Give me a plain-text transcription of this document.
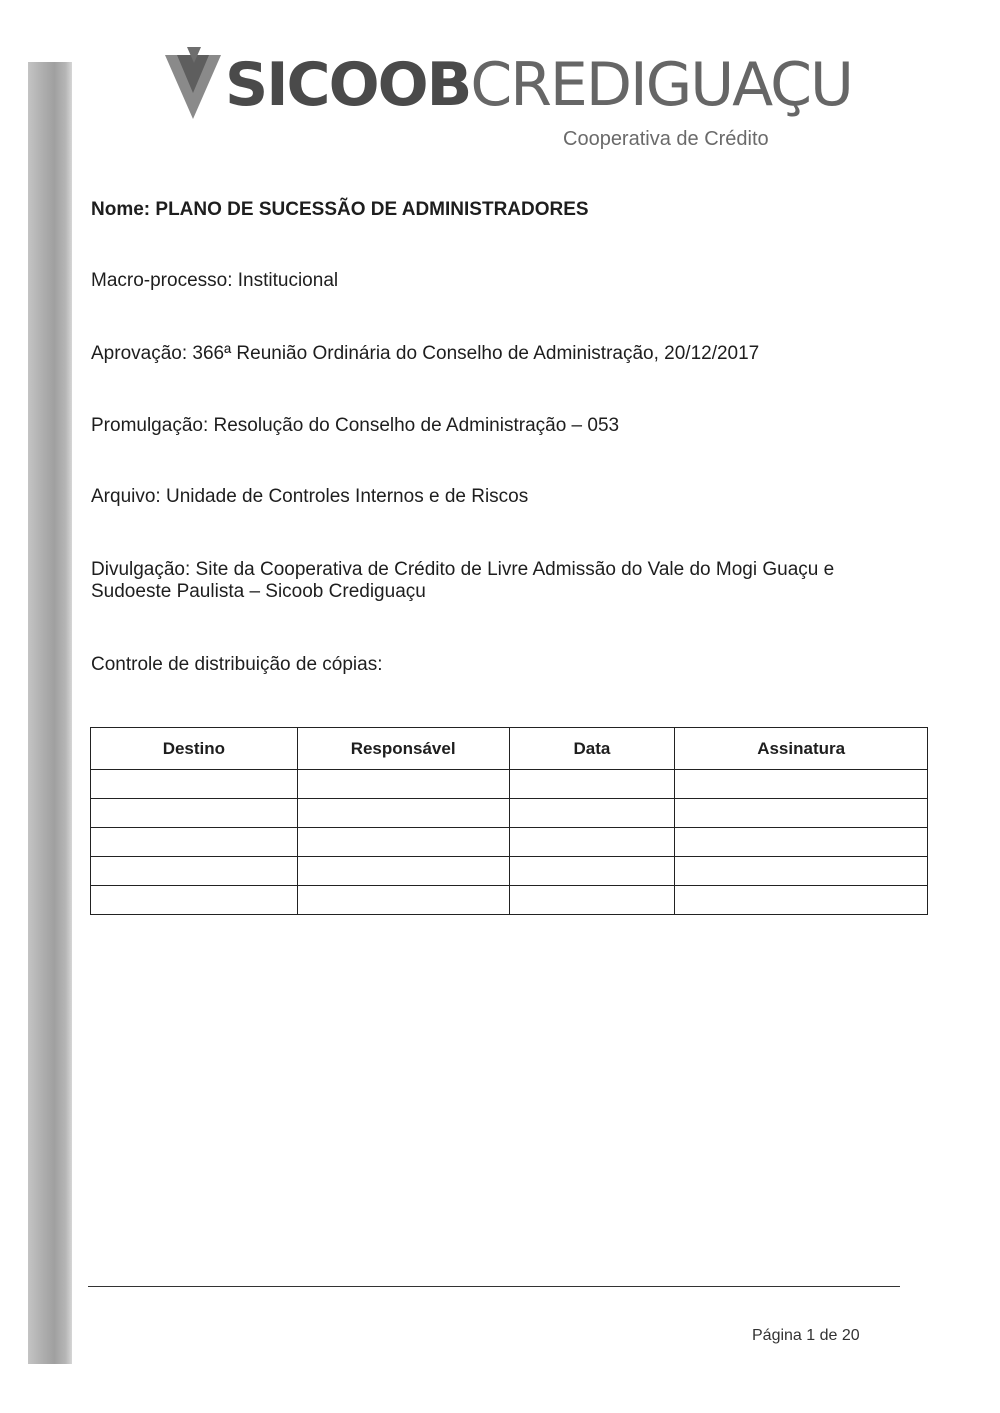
SICOOBCREDIGUAÇU
Cooperativa de Crédito
Nome: PLANO DE SUCESSÃO DE ADMINISTRADORES
Macro-processo: Institucional
Aprovação: 366ª Reunião Ordinária do Conselho de Administração, 20/12/2017
Promulgação: Resolução do Conselho de Administração – 053
Arquivo: Unidade de Controles Internos e de Riscos
Divulgação: Site da Cooperativa de Crédito de Livre Admissão do Vale do Mogi Guaçu e
Sudoeste Paulista – Sicoob Crediguaçu
Controle de distribuição de cópias:
Destino	Responsável	Data	Assinatura

Página 1 de 20
